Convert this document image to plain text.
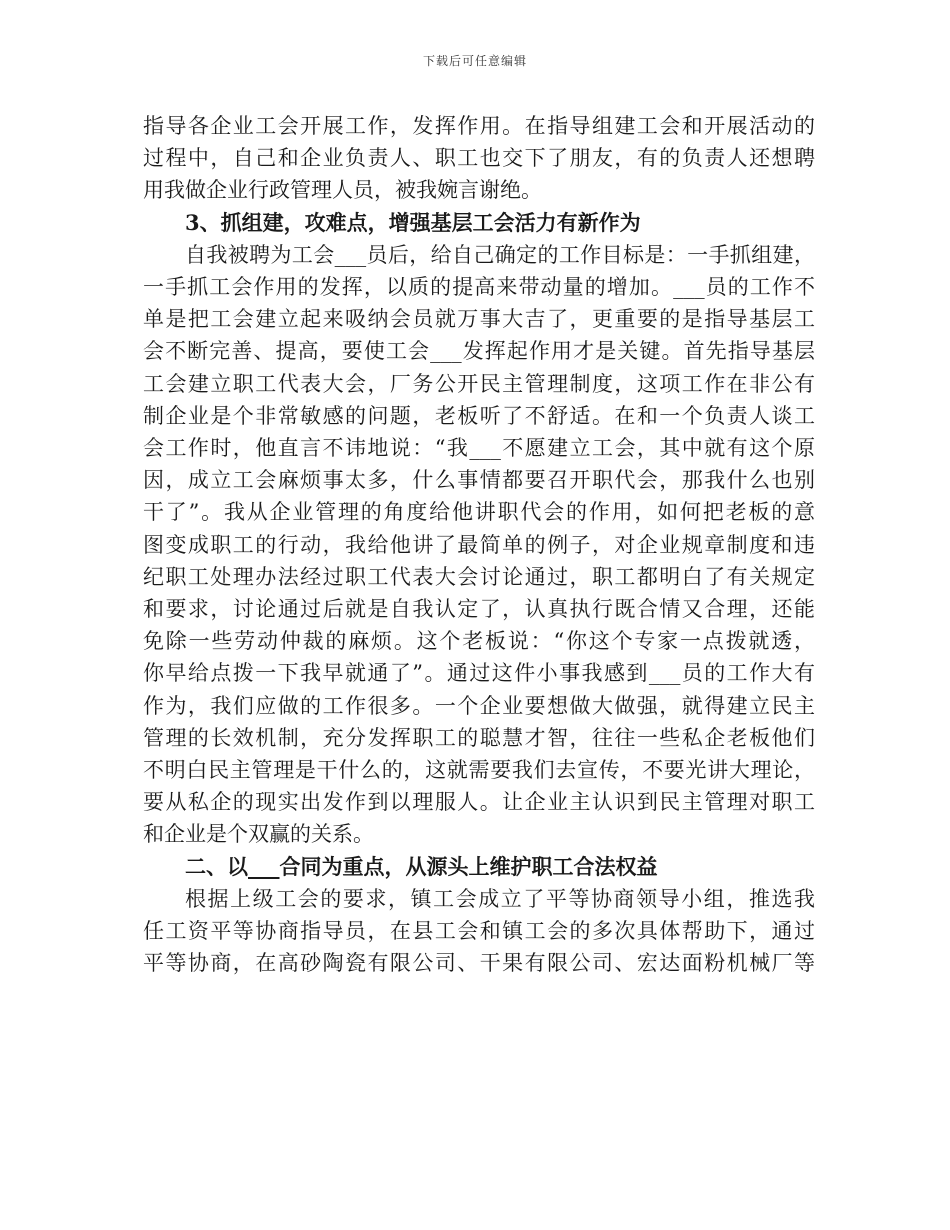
下载后可任意编辑
指导各企业工会开展工作，发挥作用。在指导组建工会和开展活动的
过程中，自己和企业负责人、职工也交下了朋友，有的负责人还想聘
用我做企业行政管理人员，被我婉言谢绝。
3、抓组建，攻难点，增强基层工会活力有新作为
自我被聘为工会___员后，给自己确定的工作目标是：一手抓组建，
一手抓工会作用的发挥，以质的提高来带动量的增加。___员的工作不
单是把工会建立起来吸纳会员就万事大吉了，更重要的是指导基层工
会不断完善、提高，要使工会___发挥起作用才是关键。首先指导基层
工会建立职工代表大会，厂务公开民主管理制度，这项工作在非公有
制企业是个非常敏感的问题，老板听了不舒适。在和一个负责人谈工
会工作时，他直言不讳地说：“我___不愿建立工会，其中就有这个原
因，成立工会麻烦事太多，什么事情都要召开职代会，那我什么也别
干了”。我从企业管理的角度给他讲职代会的作用，如何把老板的意
图变成职工的行动，我给他讲了最简单的例子，对企业规章制度和违
纪职工处理办法经过职工代表大会讨论通过，职工都明白了有关规定
和要求，讨论通过后就是自我认定了，认真执行既合情又合理，还能
免除一些劳动仲裁的麻烦。这个老板说：“你这个专家一点拨就透，
你早给点拨一下我早就通了”。通过这件小事我感到___员的工作大有
作为，我们应做的工作很多。一个企业要想做大做强，就得建立民主
管理的长效机制，充分发挥职工的聪慧才智，往往一些私企老板他们
不明白民主管理是干什么的，这就需要我们去宣传，不要光讲大理论，
要从私企的现实出发作到以理服人。让企业主认识到民主管理对职工
和企业是个双赢的关系。
二、以___合同为重点，从源头上维护职工合法权益
根据上级工会的要求，镇工会成立了平等协商领导小组，推选我
任工资平等协商指导员，在县工会和镇工会的多次具体帮助下，通过
平等协商，在高砂陶瓷有限公司、干果有限公司、宏达面粉机械厂等
